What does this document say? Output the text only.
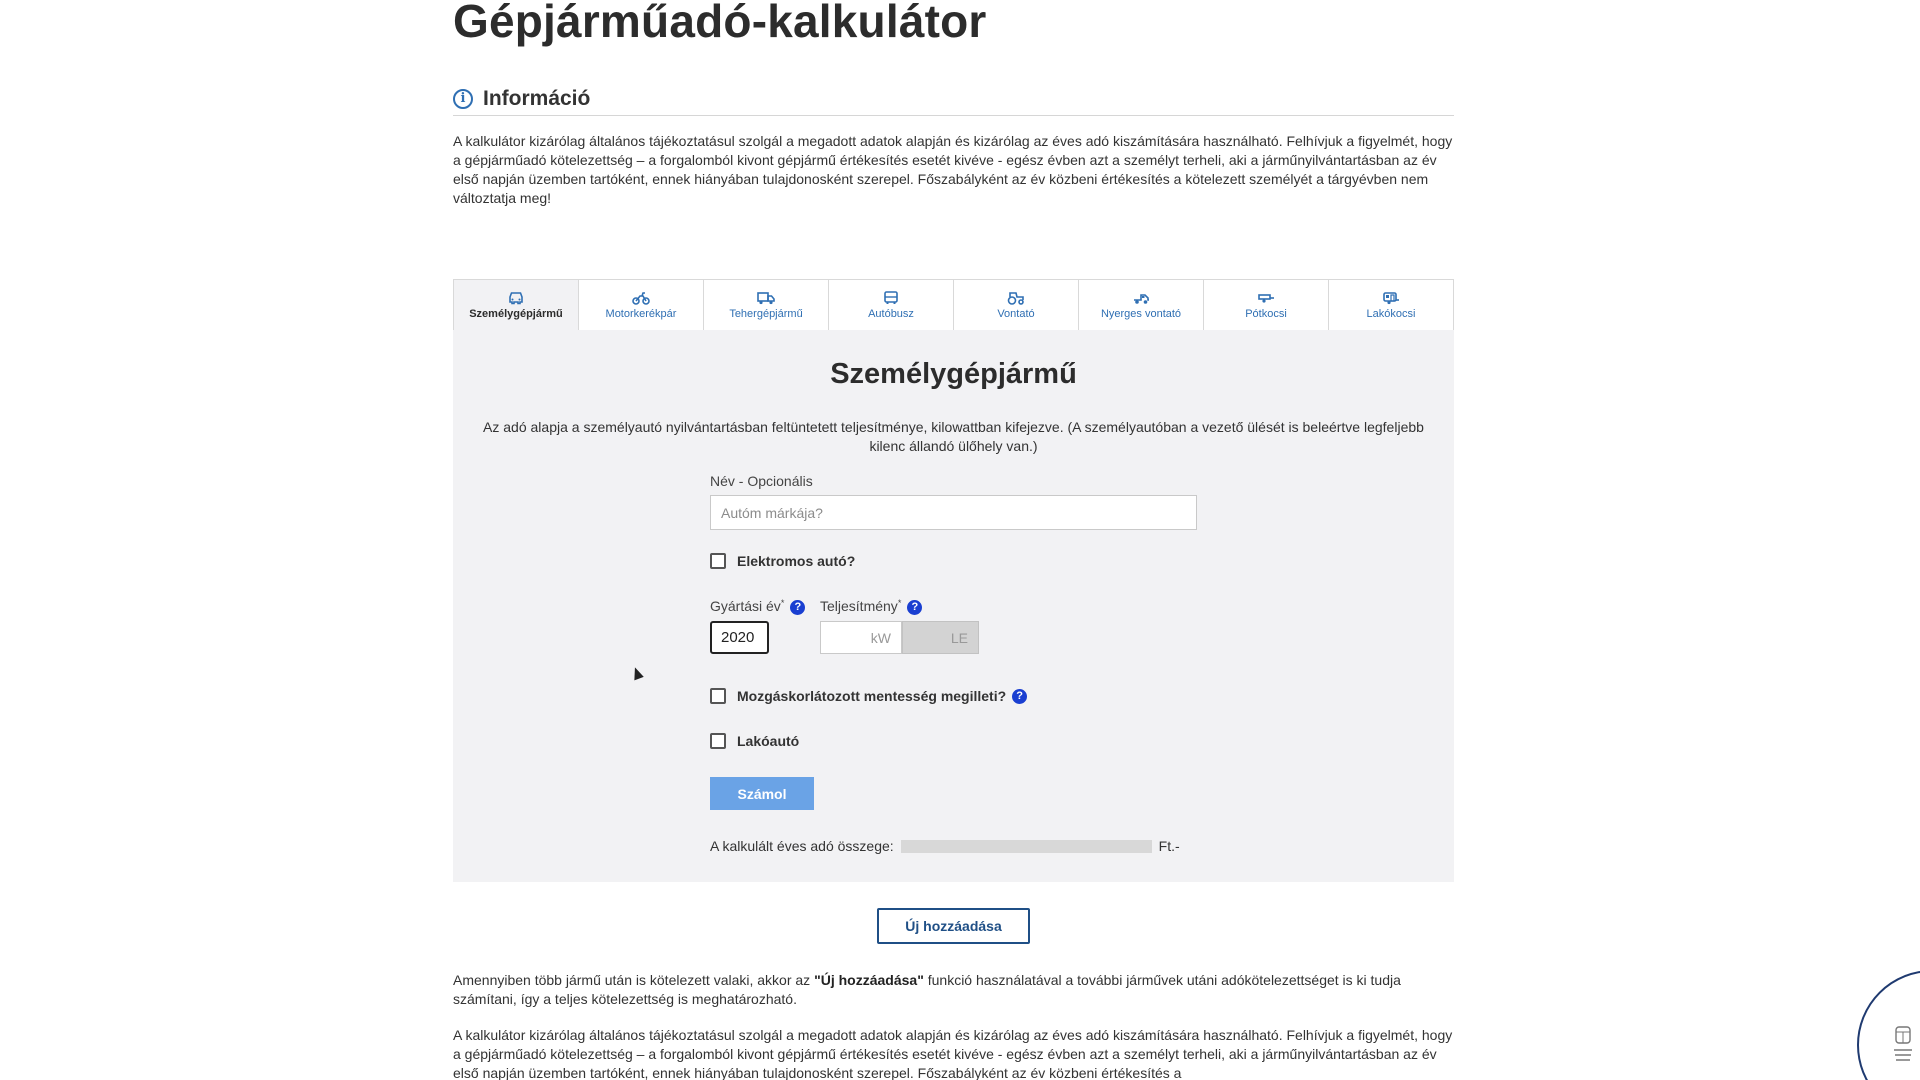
Gépjárműadó-kalkulátor
i Információ

A kalkulátor kizárólag általános tájékoztatásul szolgál a megadott adatok alapján és kizárólag az éves adó kiszámítására használható. Felhívjuk a figyelmét, hogy a gépjárműadó kötelezettség – a forgalomból kivont gépjármű értékesítés esetét kivéve - egész évben azt a személyt terheli, aki a járműnyilvántartásban az év első napján üzemben tartóként, ennek hiányában tulajdonosként szerepel. Főszabályként az év közbeni értékesítés a kötelezett személyét a tárgyévben nem változtatja meg!

Személygépjármű	Motorkerékpár	Tehergépjármű	Autóbusz	Vontató	Nyerges vontató	Pótkocsi	Lakókocsi
Személygépjármű

Az adó alapja a személyautó nyilvántartásban feltüntetett teljesítménye, kilowattban kifejezve. (A személyautóban a vezető ülését is beleértve legfeljebb kilenc állandó ülőhely van.)

Név - Opcionális
Autóm márkája?
Elektromos autó?
Gyártási év* ? Teljesítmény* ?
2020	kW	LE
Mozgáskorlátozott mentesség megilleti? ?
Lakóautó
Számol
A kalkulált éves adó összege:	Ft.-
Új hozzáadása

Amennyiben több jármű után is kötelezett valaki, akkor az "Új hozzáadása" funkció használatával a további járművek utáni adókötelezettséget is ki tudja számítani, így a teljes kötelezettség is meghatározható.

A kalkulátor kizárólag általános tájékoztatásul szolgál a megadott adatok alapján és kizárólag az éves adó kiszámítására használható. Felhívjuk a figyelmét, hogy a gépjárműadó kötelezettség – a forgalomból kivont gépjármű értékesítés esetét kivéve - egész évben azt a személyt terheli, aki a járműnyilvántartásban az év első napján üzemben tartóként, ennek hiányában tulajdonosként szerepel. Főszabályként az év közbeni értékesítés a
